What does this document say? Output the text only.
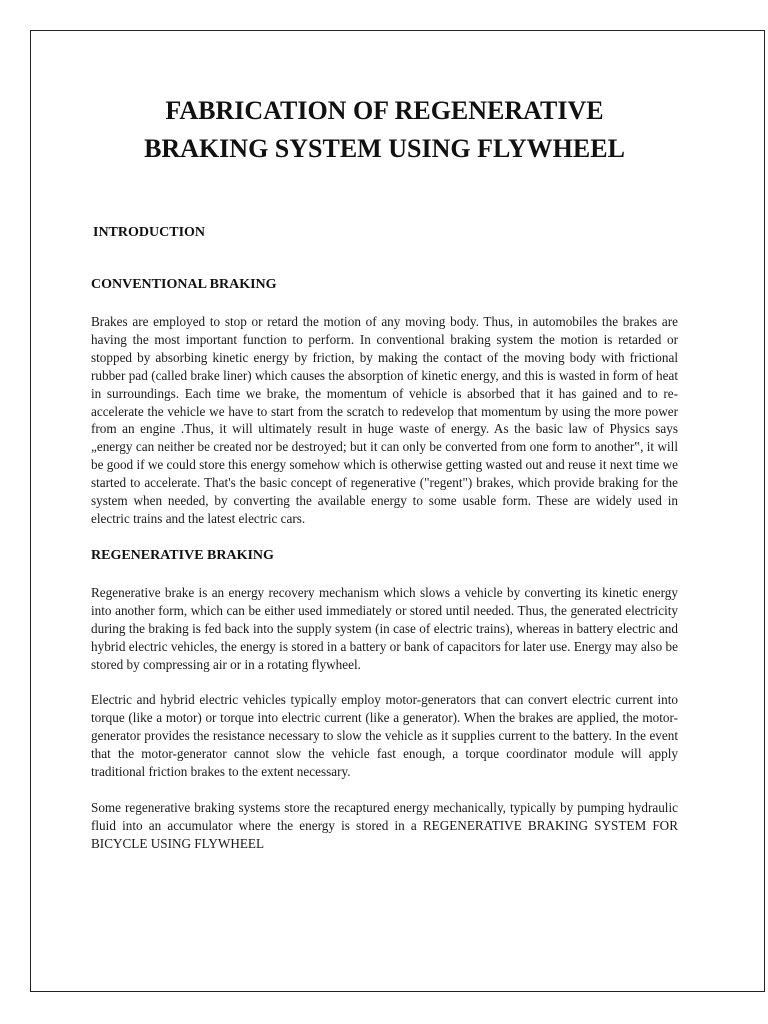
FABRICATION OF REGENERATIVE
BRAKING SYSTEM USING FLYWHEEL

INTRODUCTION

CONVENTIONAL BRAKING

Brakes are employed to stop or retard the motion of any moving body. Thus, in automobiles the brakes are having the most important function to perform. In conventional braking system the motion is retarded or stopped by absorbing kinetic energy by friction, by making the contact of the moving body with frictional rubber pad (called brake liner) which causes the absorption of kinetic energy, and this is wasted in form of heat in surroundings. Each time we brake, the momentum of vehicle is absorbed that it has gained and to re-accelerate the vehicle we have to start from the scratch to redevelop that momentum by using the more power from an engine .Thus, it will ultimately result in huge waste of energy. As the basic law of Physics says „energy can neither be created nor be destroyed; but it can only be converted from one form to another‟, it will be good if we could store this energy somehow which is otherwise getting wasted out and reuse it next time we started to accelerate. That's the basic concept of regenerative ("regent") brakes, which provide braking for the system when needed, by converting the available energy to some usable form. These are widely used in electric trains and the latest electric cars.

REGENERATIVE BRAKING

Regenerative brake is an energy recovery mechanism which slows a vehicle by converting its kinetic energy into another form, which can be either used immediately or stored until needed. Thus, the generated electricity during the braking is fed back into the supply system (in case of electric trains), whereas in battery electric and hybrid electric vehicles, the energy is stored in a battery or bank of capacitors for later use. Energy may also be stored by compressing air or in a rotating flywheel.

Electric and hybrid electric vehicles typically employ motor-generators that can convert electric current into torque (like a motor) or torque into electric current (like a generator). When the brakes are applied, the motor-generator provides the resistance necessary to slow the vehicle as it supplies current to the battery. In the event that the motor-generator cannot slow the vehicle fast enough, a torque coordinator module will apply traditional friction brakes to the extent necessary.

Some regenerative braking systems store the recaptured energy mechanically, typically by pumping hydraulic fluid into an accumulator where the energy is stored in a REGENERATIVE BRAKING SYSTEM FOR BICYCLE USING FLYWHEEL
